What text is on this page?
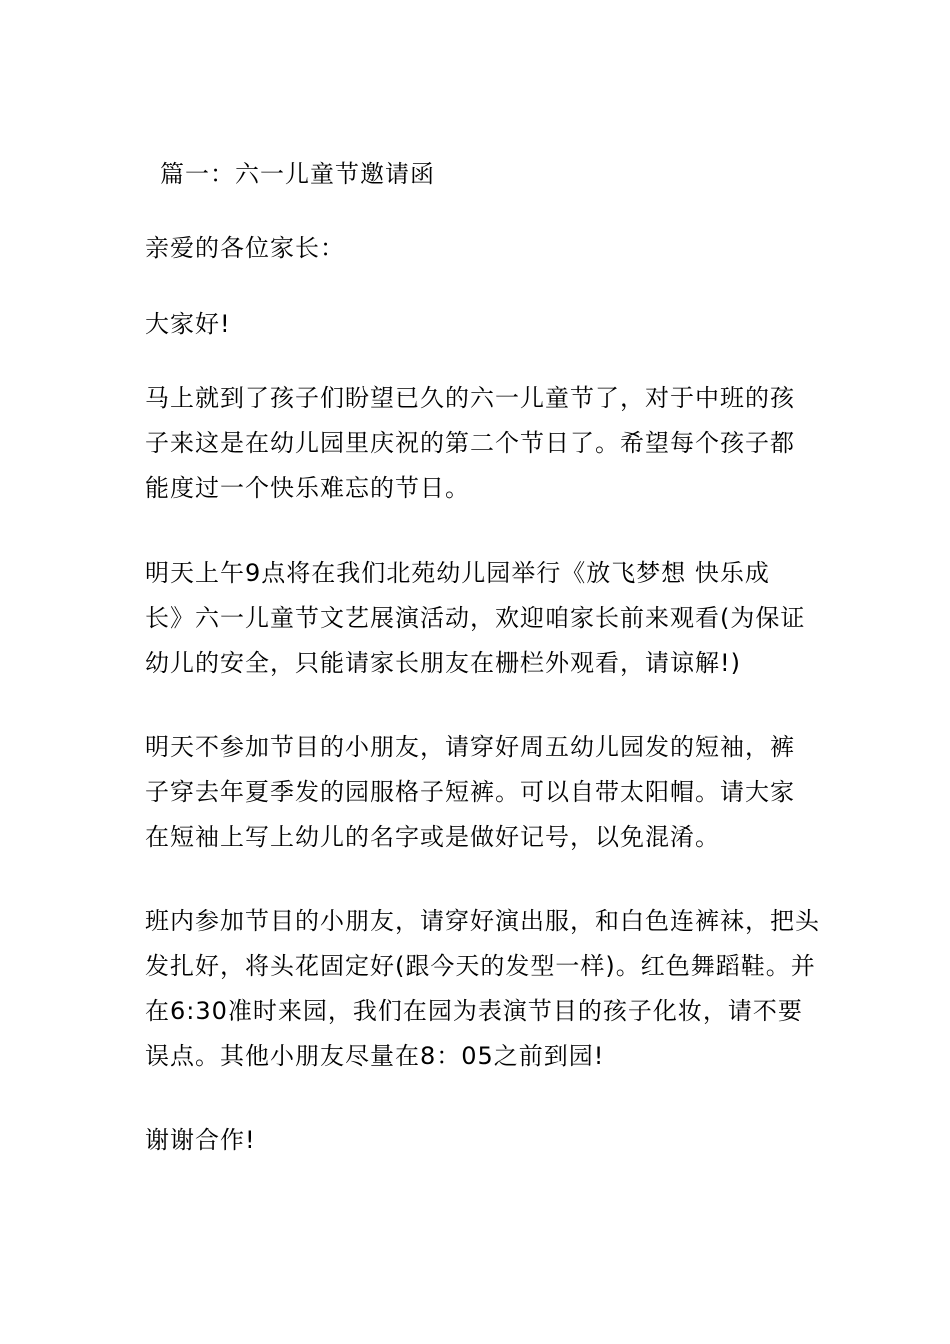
篇一：六一儿童节邀请函

亲爱的各位家长：

大家好!

马上就到了孩子们盼望已久的六一儿童节了，对于中班的孩
子来这是在幼儿园里庆祝的第二个节日了。希望每个孩子都
能度过一个快乐难忘的节日。

明天上午9点将在我们北苑幼儿园举行《放飞梦想 快乐成
长》六一儿童节文艺展演活动，欢迎咱家长前来观看(为保证
幼儿的安全，只能请家长朋友在栅栏外观看，请谅解!)

明天不参加节目的小朋友，请穿好周五幼儿园发的短袖，裤
子穿去年夏季发的园服格子短裤。可以自带太阳帽。请大家
在短袖上写上幼儿的名字或是做好记号，以免混淆。

班内参加节目的小朋友，请穿好演出服，和白色连裤袜，把头
发扎好，将头花固定好(跟今天的发型一样)。红色舞蹈鞋。并
在6:30准时来园，我们在园为表演节目的孩子化妆，请不要
误点。其他小朋友尽量在8：05之前到园!

谢谢合作!
